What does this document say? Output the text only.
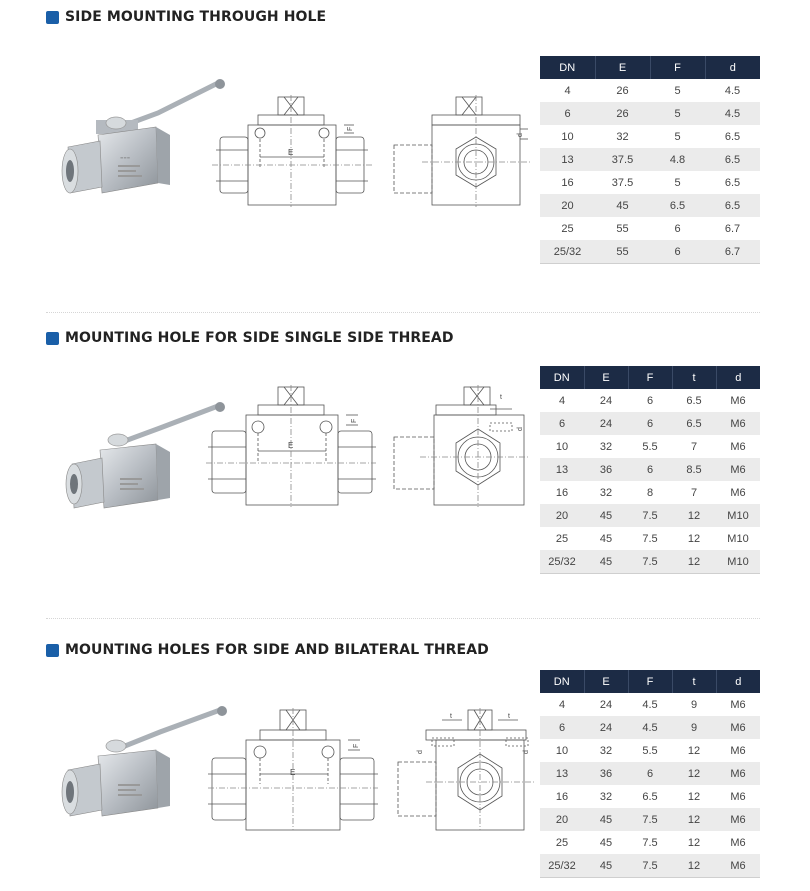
SIDE MOUNTING THROUGH HOLE
≡≡≡
E
F
d
DN	E	F	d
4	26	5	4.5
6	26	5	4.5
10	32	5	6.5
13	37.5	4.8	6.5
16	37.5	5	6.5
20	45	6.5	6.5
25	55	6	6.7
25/32	55	6	6.7
MOUNTING HOLE FOR SIDE SINGLE SIDE THREAD
E
F
t
d
DN	E	F	t	d
4	24	6	6.5	M6
6	24	6	6.5	M6
10	32	5.5	7	M6
13	36	6	8.5	M6
16	32	8	7	M6
20	45	7.5	12	M10
25	45	7.5	12	M10
25/32	45	7.5	12	M10
MOUNTING HOLES FOR SIDE AND BILATERAL THREAD
E
F
t	t
d	d
DN	E	F	t	d
4	24	4.5	9	M6
6	24	4.5	9	M6
10	32	5.5	12	M6
13	36	6	12	M6
16	32	6.5	12	M6
20	45	7.5	12	M6
25	45	7.5	12	M6
25/32	45	7.5	12	M6
